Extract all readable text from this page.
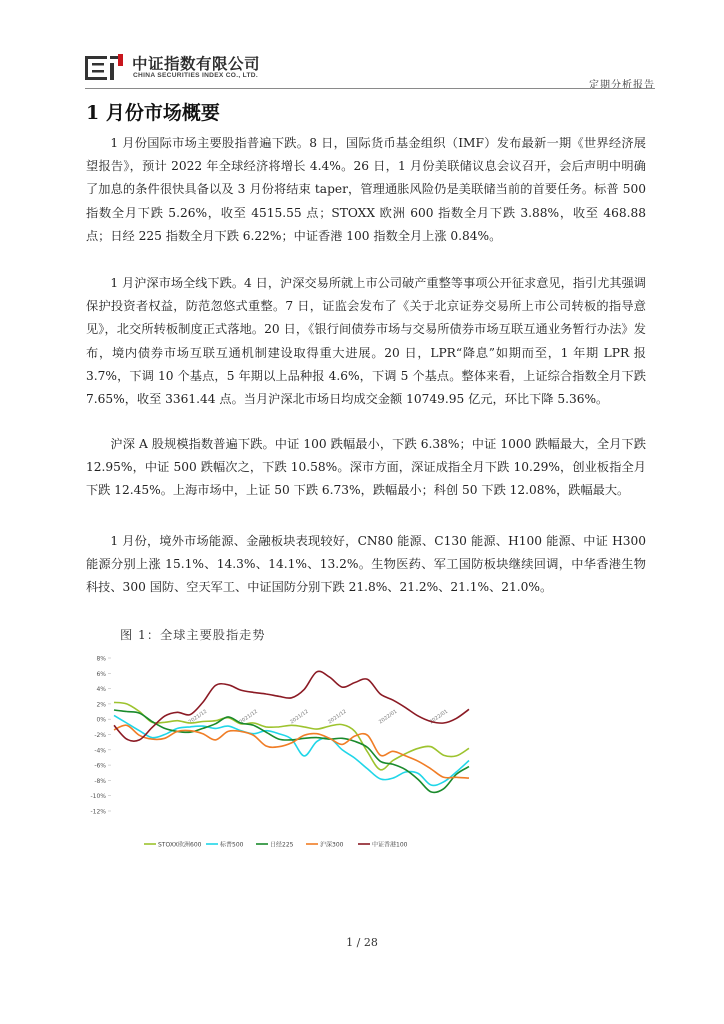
中证指数有限公司
CHINA SECURITIES INDEX CO., LTD.
定期分析报告
1 月份市场概要

1 月份国际市场主要股指普遍下跌。8 日，国际货币基金组织（IMF）发布最新一期《世界经济展望报告》，预计 2022 年全球经济将增长 4.4%。26 日，1 月份美联储议息会议召开，会后声明中明确了加息的条件很快具备以及 3 月份将结束 taper，管理通胀风险仍是美联储当前的首要任务。标普 500 指数全月下跌 5.26%，收至 4515.55 点；STOXX 欧洲 600 指数全月下跌 3.88%，收至 468.88 点；日经 225 指数全月下跌 6.22%；中证香港 100 指数全月上涨 0.84%。

1 月沪深市场全线下跌。4 日，沪深交易所就上市公司破产重整等事项公开征求意见，指引尤其强调保护投资者权益，防范忽悠式重整。7 日，证监会发布了《关于北京证券交易所上市公司转板的指导意见》，北交所转板制度正式落地。20 日，《银行间债券市场与交易所债券市场互联互通业务暂行办法》发布，境内债券市场互联互通机制建设取得重大进展。20 日，LPR“降息”如期而至，1 年期 LPR 报 3.7%，下调 10 个基点，5 年期以上品种报 4.6%，下调 5 个基点。整体来看，上证综合指数全月下跌 7.65%，收至 3361.44 点。当月沪深北市场日均成交金额 10749.95 亿元，环比下降 5.36%。

沪深 A 股规模指数普遍下跌。中证 100 跌幅最小，下跌 6.38%；中证 1000 跌幅最大，全月下跌 12.95%，中证 500 跌幅次之，下跌 10.58%。深市方面，深证成指全月下跌 10.29%，创业板指全月下跌 12.45%。上海市场中，上证 50 下跌 6.73%，跌幅最小；科创 50 下跌 12.08%，跌幅最大。

1 月份，境外市场能源、金融板块表现较好，CN80 能源、C130 能源、H100 能源、中证 H300 能源分别上涨 15.1%、14.3%、14.1%、13.2%。生物医药、军工国防板块继续回调，中华香港生物科技、300 国防、空天军工、中证国防分别下跌 21.8%、21.2%、21.1%、21.0%。

图 1：全球主要股指走势
8%
6%
4%
2%
0%
-2%
-4%
-6%
-8%
-10%
-12%
2021/12	2021/12	2021/12	2021/12	2022/01	2022/01
STOXX欧洲600	标普500	日经225	沪深300	中证香港100
1 / 28
